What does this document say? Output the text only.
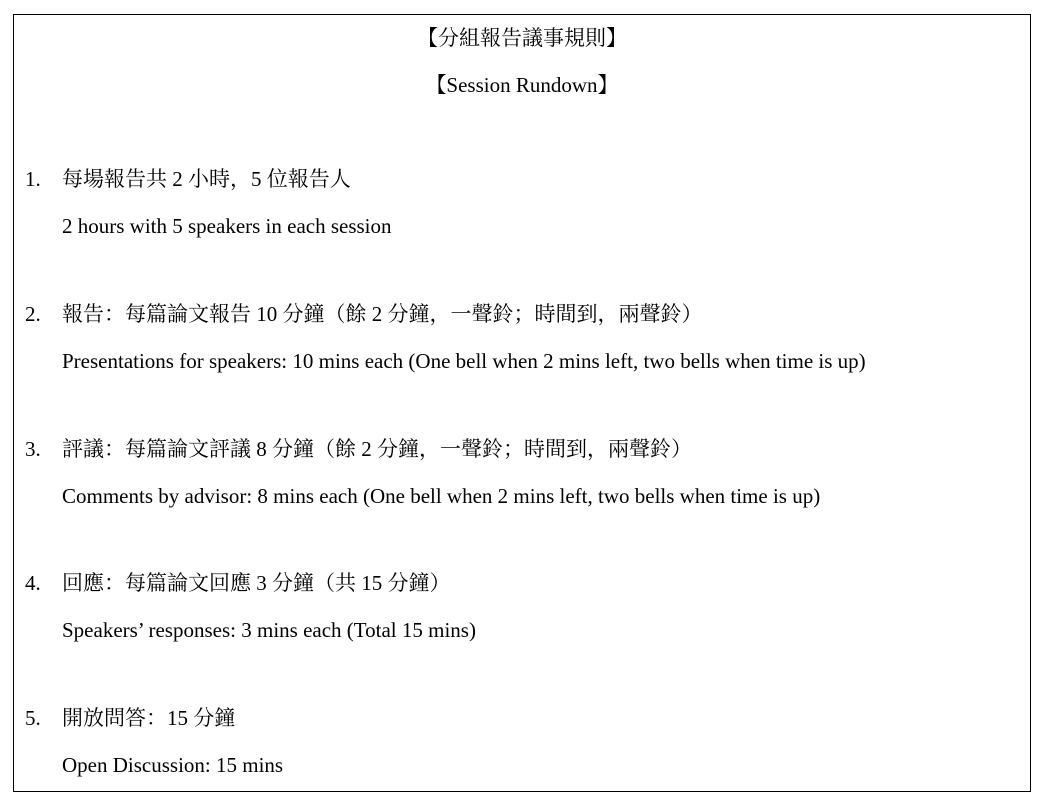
【分組報告議事規則】
【Session Rundown】
1. 每場報告共 2 小時，5 位報告人
2 hours with 5 speakers in each session
2. 報告：每篇論文報告 10 分鐘（餘 2 分鐘，一聲鈴；時間到，兩聲鈴）
Presentations for speakers: 10 mins each (One bell when 2 mins left, two bells when time is up)
3. 評議：每篇論文評議 8 分鐘（餘 2 分鐘，一聲鈴；時間到，兩聲鈴）
Comments by advisor: 8 mins each (One bell when 2 mins left, two bells when time is up)
4. 回應：每篇論文回應 3 分鐘（共 15 分鐘）
Speakers’ responses: 3 mins each (Total 15 mins)
5. 開放問答：15 分鐘
Open Discussion: 15 mins
